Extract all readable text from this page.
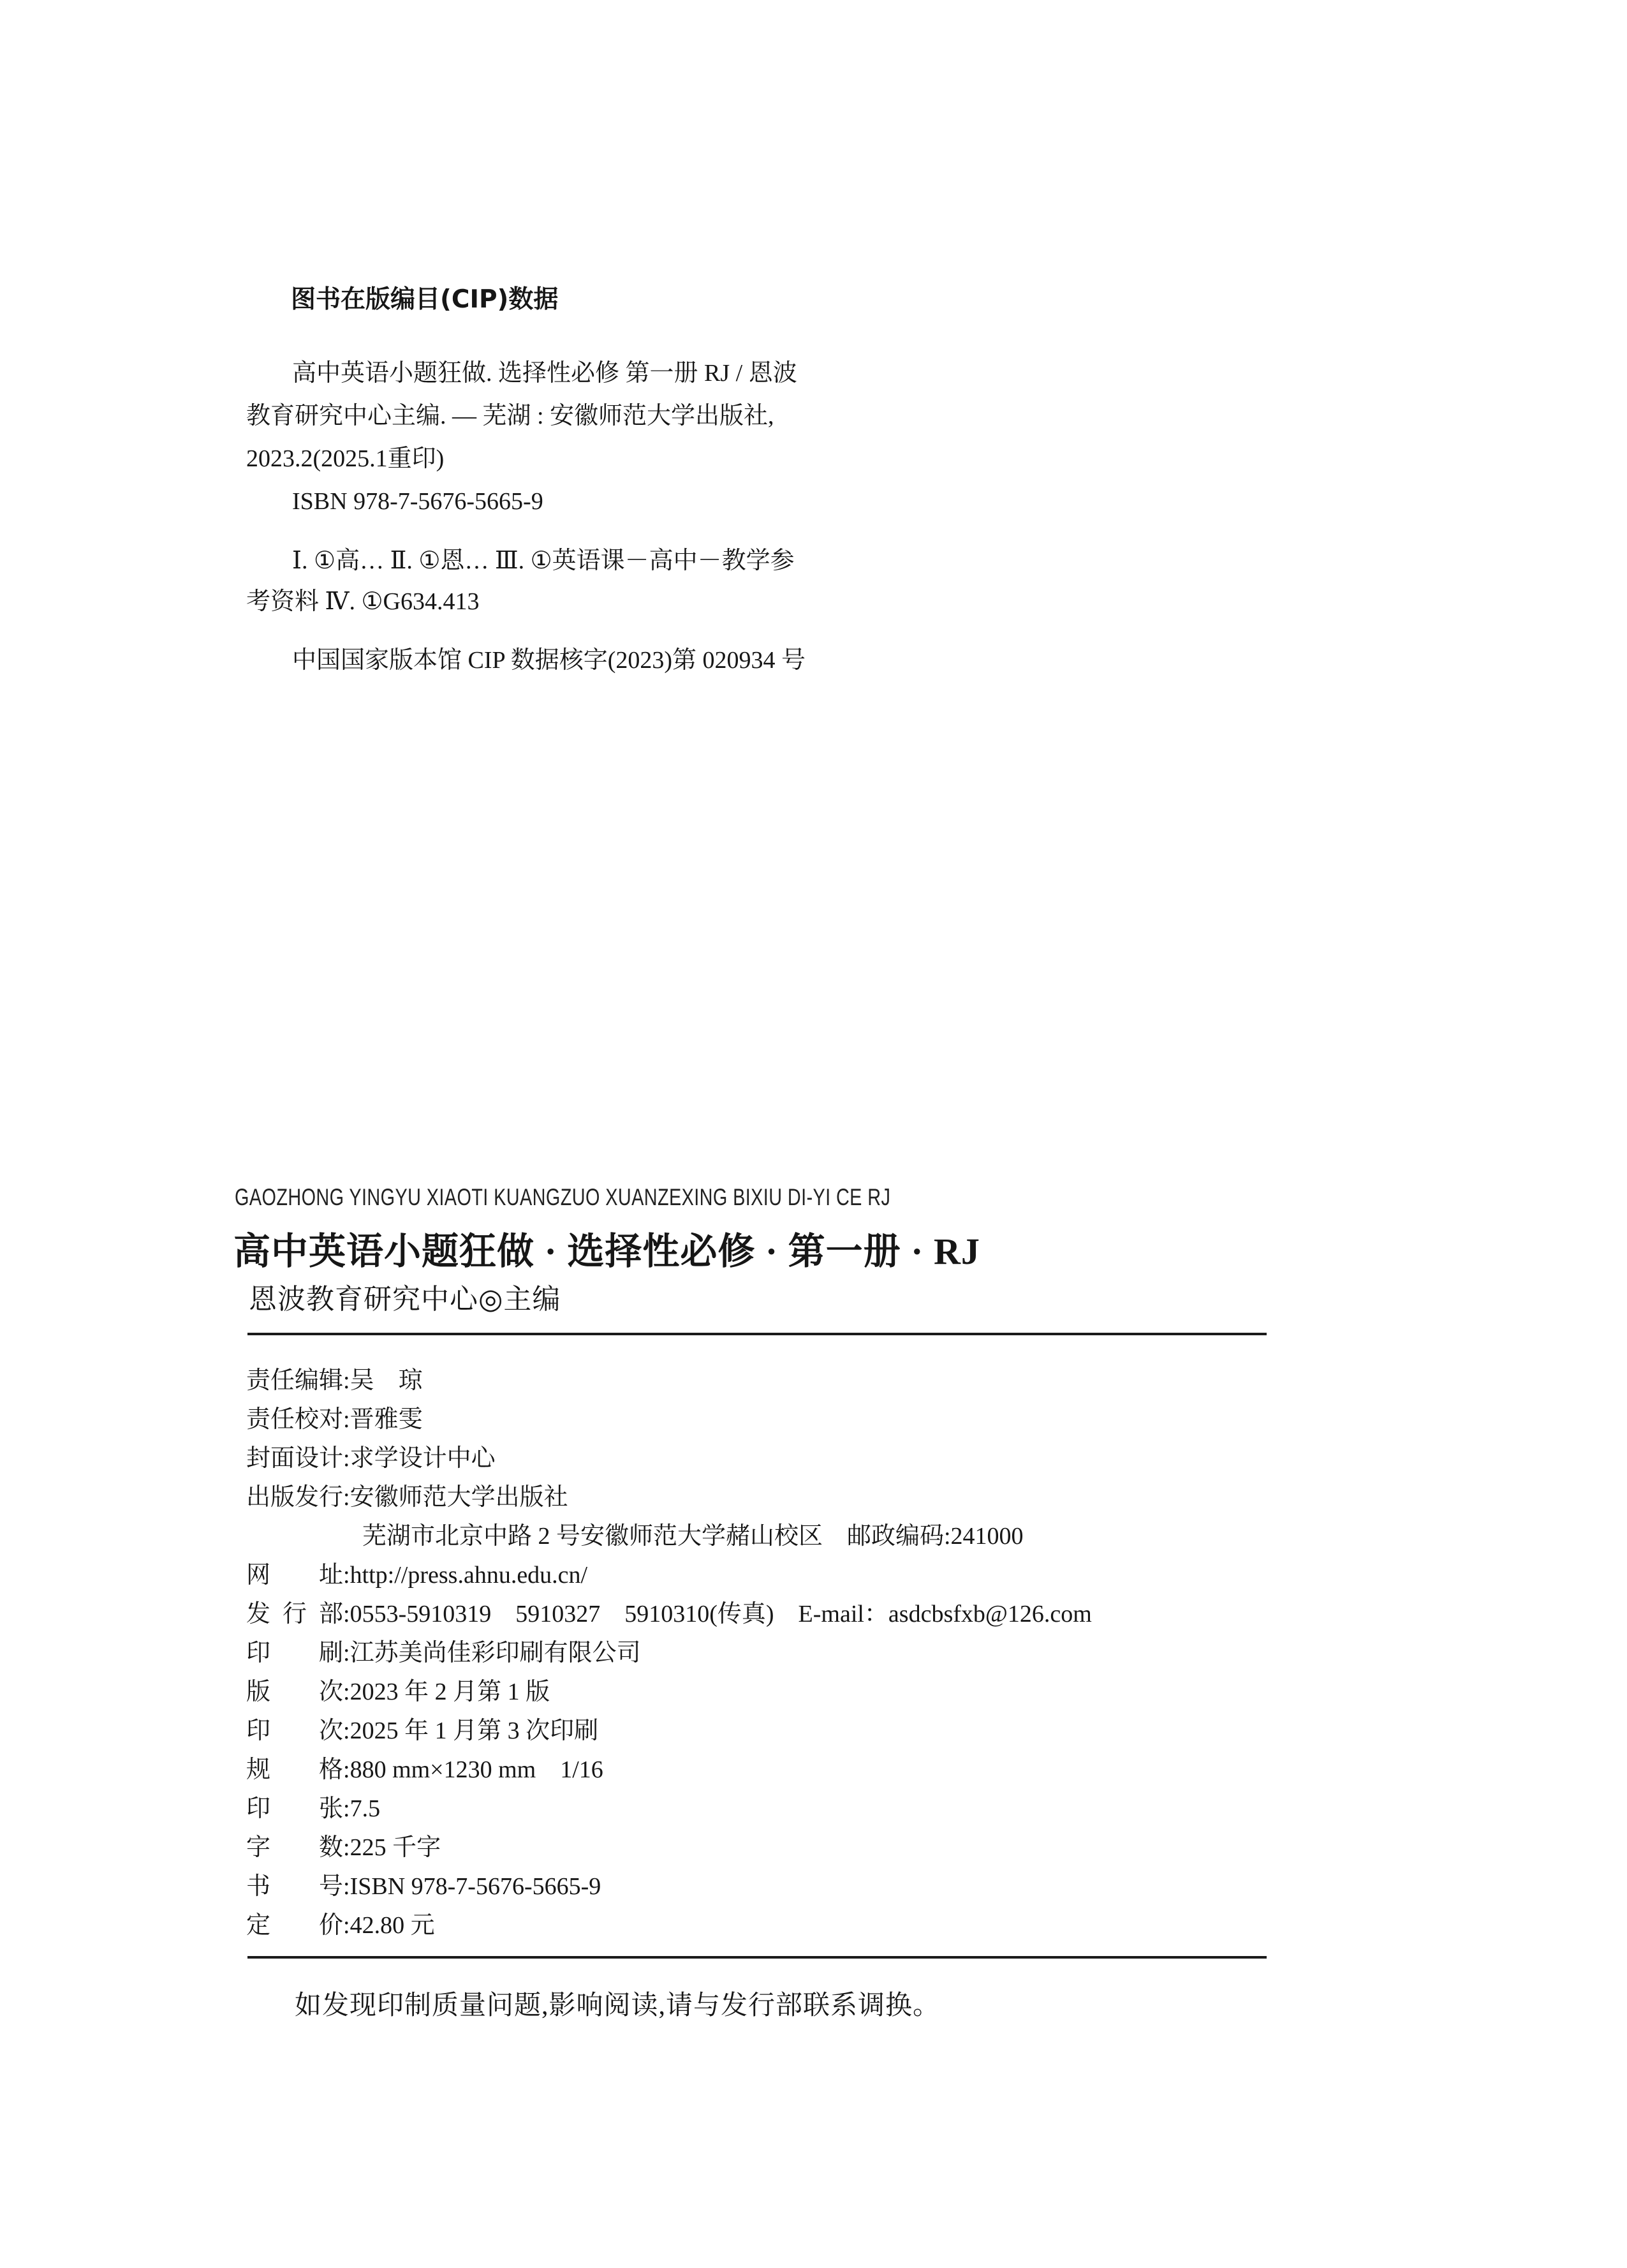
图书在版编目(CIP)数据
高中英语小题狂做. 选择性必修 第一册 RJ / 恩波
教育研究中心主编. — 芜湖 : 安徽师范大学出版社,
2023.2(2025.1重印)
ISBN 978-7-5676-5665-9
Ⅰ. ①高… Ⅱ. ①恩… Ⅲ. ①英语课－高中－教学参
考资料 Ⅳ. ①G634.413
中国国家版本馆 CIP 数据核字(2023)第 020934 号
GAOZHONG YINGYU XIAOTI KUANGZUO XUANZEXING BIXIU DI-YI CE RJ
高中英语小题狂做 · 选择性必修 · 第一册 · RJ
恩波教育研究中心◎主编
责任编辑:吴　琼
责任校对:晋雅雯
封面设计:求学设计中心
出版发行:安徽师范大学出版社
芜湖市北京中路 2 号安徽师范大学赭山校区　邮政编码:241000
网址:http://press.ahnu.edu.cn/
发行部:0553-5910319　5910327　5910310(传真)　E-mail：asdcbsfxb@126.com
印刷:江苏美尚佳彩印刷有限公司
版次:2023 年 2 月第 1 版
印次:2025 年 1 月第 3 次印刷
规格:880 mm×1230 mm　1/16
印张:7.5
字数:225 千字
书号:ISBN 978-7-5676-5665-9
定价:42.80 元
如发现印制质量问题,影响阅读,请与发行部联系调换。
